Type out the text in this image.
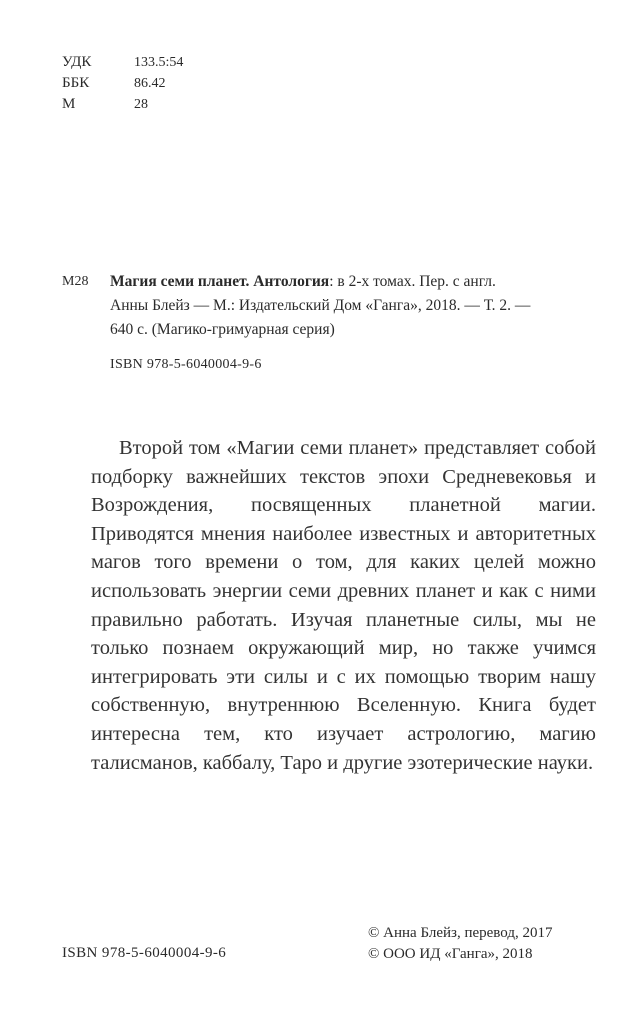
УДК	133.5:54
ББК	86.42
М	28
М28 Магия семи планет. Антология: в 2-х томах. Пер. с англ.
Анны Блейз — М.: Издательский Дом «Ганга», 2018. — Т. 2. —
640 с. (Магико-гримуарная серия)
ISBN 978-5-6040004-9-6

Второй том «Магии семи планет» представляет собой подборку важнейших текстов эпохи Средневековья и Возрождения, посвященных планетной магии. Приводятся мнения наиболее известных и авторитетных магов того времени о том, для каких целей можно использовать энергии семи древних планет и как с ними правильно работать. Изучая планетные силы, мы не только познаем окружающий мир, но также учимся интегрировать эти силы и с их помощью творим нашу собственную, внутреннюю Вселенную. Книга будет интересна тем, кто изучает астрологию, магию талисманов, каббалу, Таро и другие эзотерические науки.

ISBN 978-5-6040004-9-6
© Анна Блейз, перевод, 2017
© ООО ИД «Ганга», 2018
